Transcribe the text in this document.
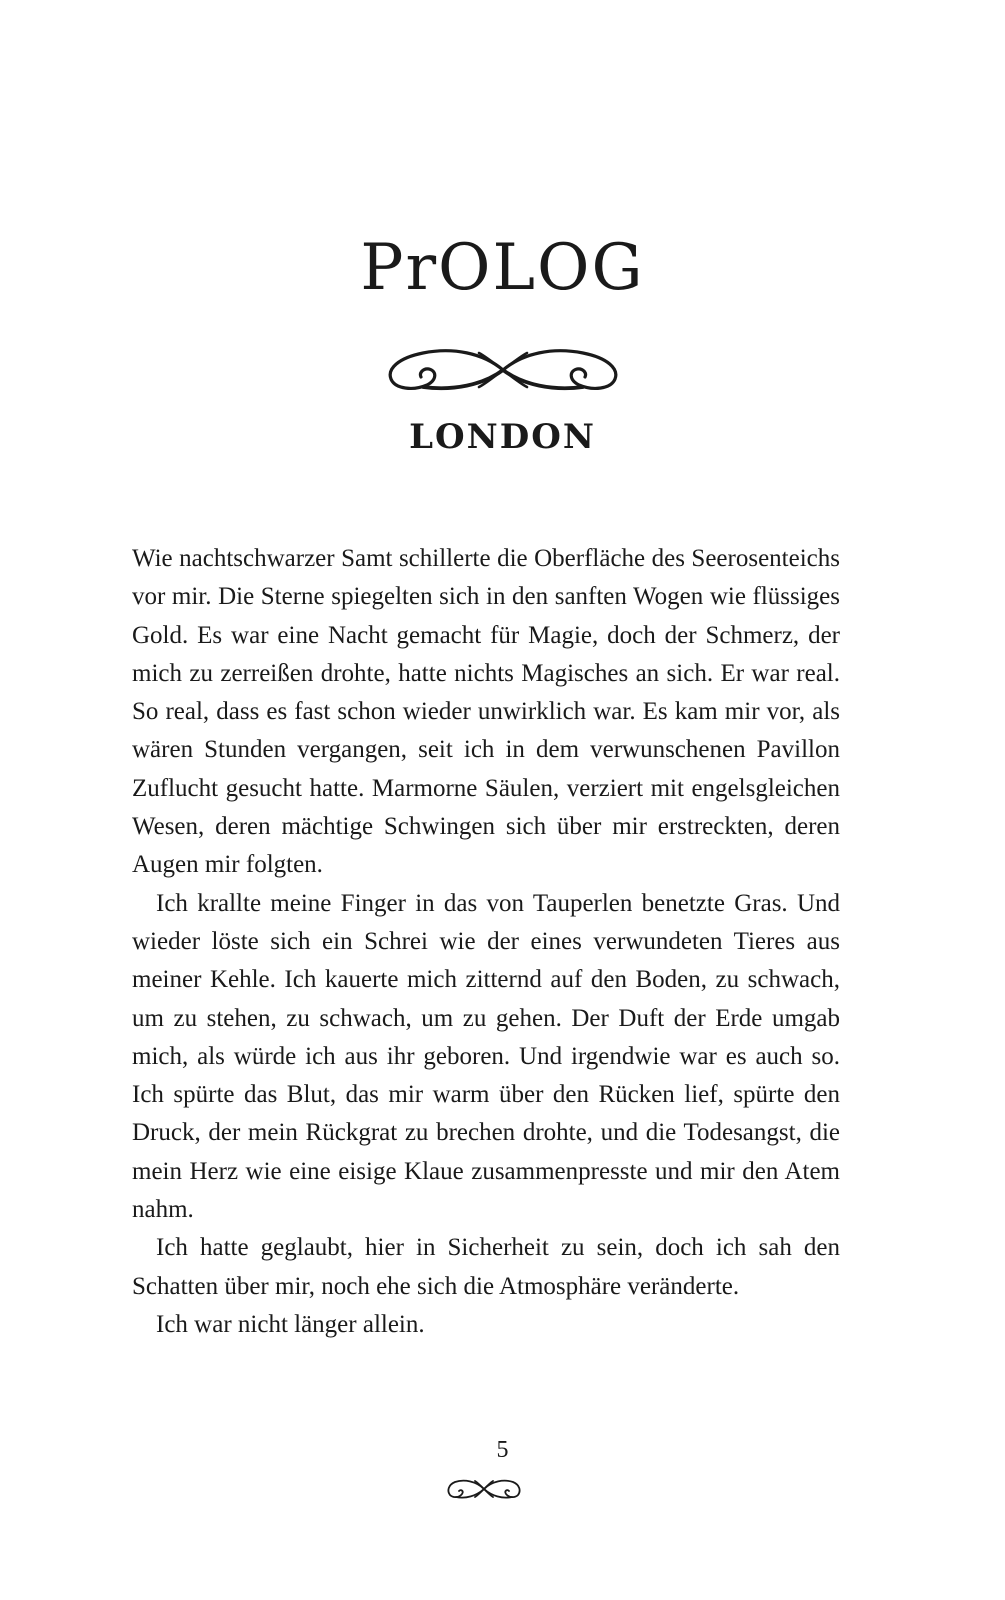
PrOLOG
LONDON

Wie nachtschwarzer Samt schillerte die Oberfläche des Seerosenteichs vor mir. Die Sterne spiegelten sich in den sanften Wogen wie flüssiges Gold. Es war eine Nacht gemacht für Magie, doch der Schmerz, der mich zu zerreißen drohte, hatte nichts Magisches an sich. Er war real. So real, dass es fast schon wieder unwirklich war. Es kam mir vor, als wären Stunden vergangen, seit ich in dem verwunschenen Pavillon Zuflucht gesucht hatte. Marmorne Säulen, verziert mit engelsgleichen Wesen, deren mächtige Schwingen sich über mir erstreckten, deren Augen mir folgten.

Ich krallte meine Finger in das von Tauperlen benetzte Gras. Und wieder löste sich ein Schrei wie der eines verwundeten Tieres aus meiner Kehle. Ich kauerte mich zitternd auf den Boden, zu schwach, um zu stehen, zu schwach, um zu gehen. Der Duft der Erde umgab mich, als würde ich aus ihr geboren. Und irgendwie war es auch so. Ich spürte das Blut, das mir warm über den Rücken lief, spürte den Druck, der mein Rückgrat zu brechen drohte, und die Todesangst, die mein Herz wie eine eisige Klaue zusammenpresste und mir den Atem nahm.

Ich hatte geglaubt, hier in Sicherheit zu sein, doch ich sah den Schatten über mir, noch ehe sich die Atmosphäre veränderte.

Ich war nicht länger allein.

5
